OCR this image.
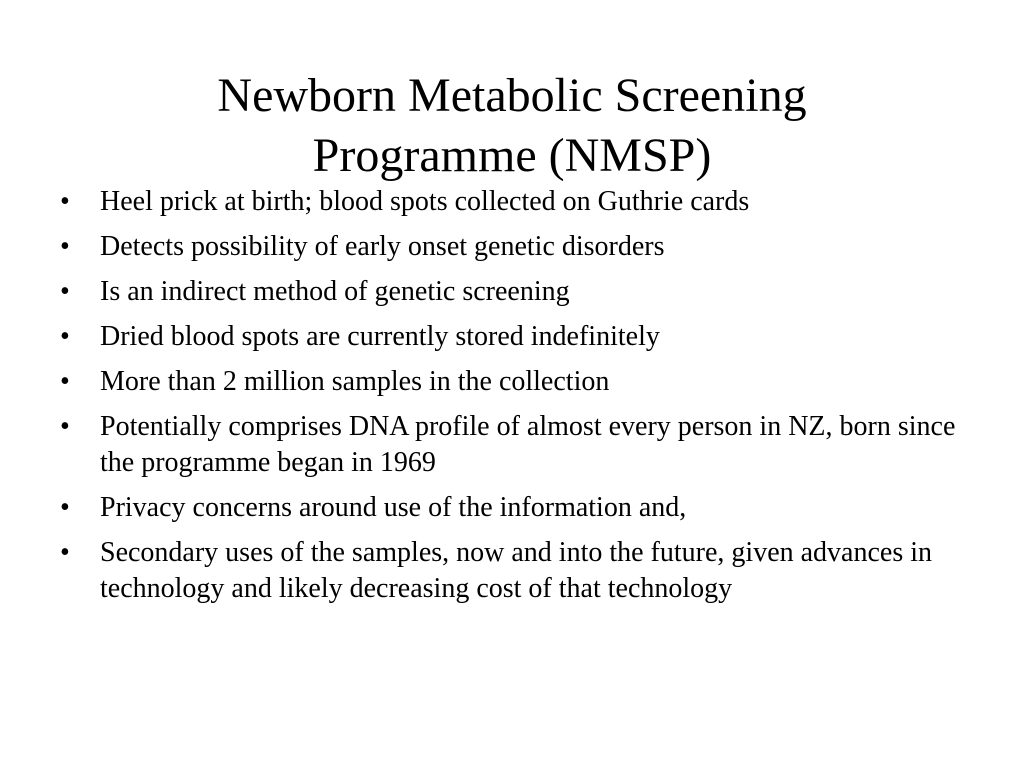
Newborn Metabolic Screening
Programme (NMSP)
•	Heel prick at birth; blood spots collected on Guthrie cards
•	Detects possibility of early onset genetic disorders
•	Is an indirect method of genetic screening
•	Dried blood spots are currently stored indefinitely
•	More than 2 million samples in the collection
•	Potentially comprises DNA profile of almost every person in NZ, born since the programme began in 1969
•	Privacy concerns around use of the information and,
•	Secondary uses of the samples, now and into the future, given advances in technology and likely decreasing cost of that technology
